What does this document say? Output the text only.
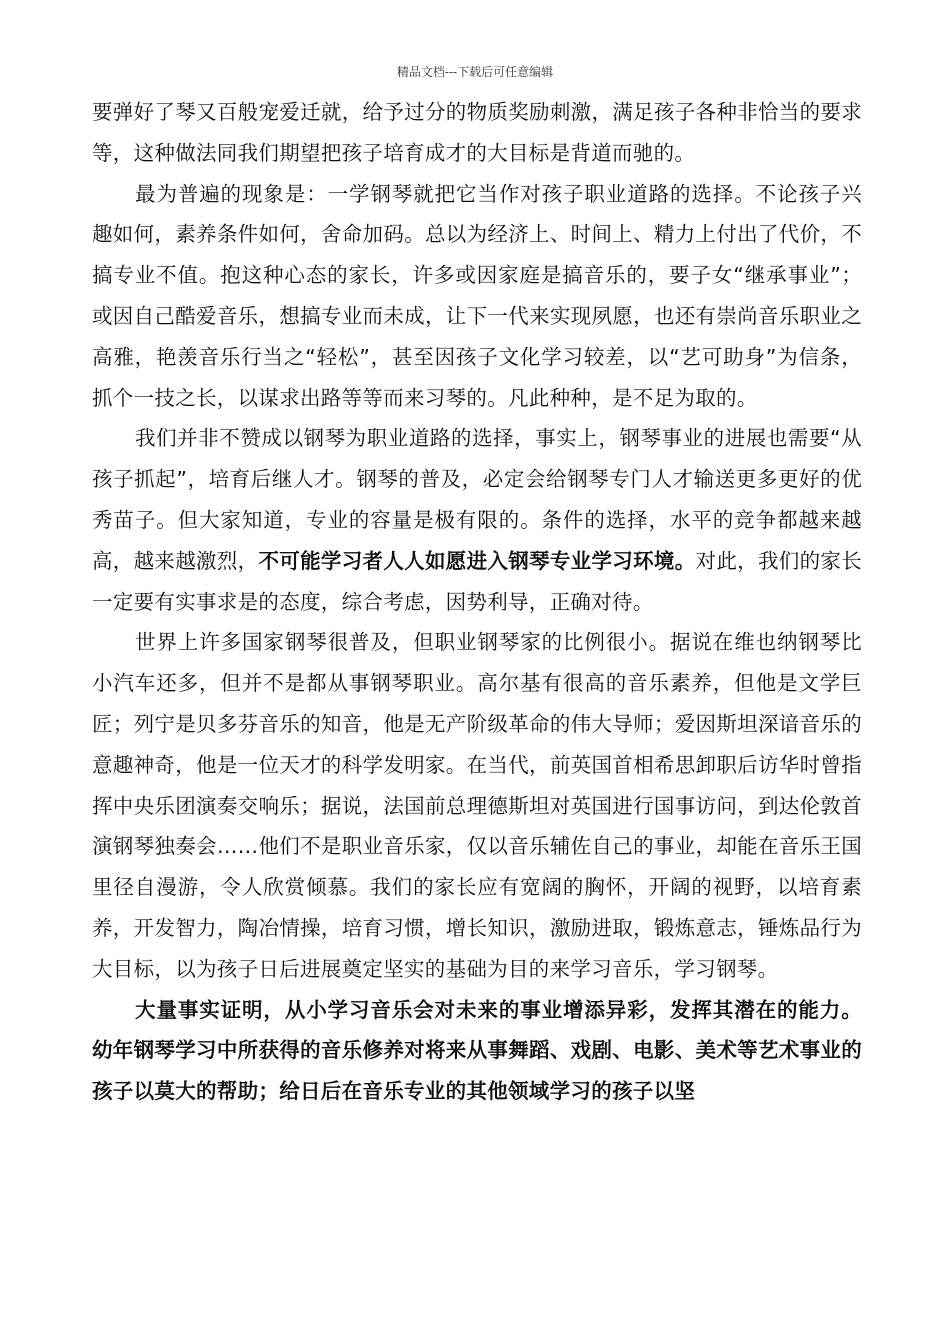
精品文档---下载后可任意编辑

要弹好了琴又百般宠爱迁就，给予过分的物质奖励刺激，满足孩子各种非恰当的要求等，这种做法同我们期望把孩子培育成才的大目标是背道而驰的。

最为普遍的现象是：一学钢琴就把它当作对孩子职业道路的选择。不论孩子兴趣如何，素养条件如何，舍命加码。总以为经济上、时间上、精力上付出了代价，不搞专业不值。抱这种心态的家长，许多或因家庭是搞音乐的，要子女“继承事业”；或因自己酷爱音乐，想搞专业而未成，让下一代来实现夙愿，也还有崇尚音乐职业之高雅，艳羡音乐行当之“轻松”，甚至因孩子文化学习较差，以“艺可助身”为信条，抓个一技之长，以谋求出路等等而来习琴的。凡此种种，是不足为取的。

我们并非不赞成以钢琴为职业道路的选择，事实上，钢琴事业的进展也需要“从孩子抓起”，培育后继人才。钢琴的普及，必定会给钢琴专门人才输送更多更好的优秀苗子。但大家知道，专业的容量是极有限的。条件的选择，水平的竞争都越来越高，越来越激烈，不可能学习者人人如愿进入钢琴专业学习环境。对此，我们的家长一定要有实事求是的态度，综合考虑，因势利导，正确对待。

世界上许多国家钢琴很普及，但职业钢琴家的比例很小。据说在维也纳钢琴比小汽车还多，但并不是都从事钢琴职业。高尔基有很高的音乐素养，但他是文学巨匠；列宁是贝多芬音乐的知音，他是无产阶级革命的伟大导师；爱因斯坦深谙音乐的意趣神奇，他是一位天才的科学发明家。在当代，前英国首相希思卸职后访华时曾指挥中央乐团演奏交响乐；据说，法国前总理德斯坦对英国进行国事访问，到达伦敦首演钢琴独奏会……他们不是职业音乐家，仅以音乐辅佐自己的事业，却能在音乐王国里径自漫游，令人欣赏倾慕。我们的家长应有宽阔的胸怀，开阔的视野，以培育素养，开发智力，陶冶情操，培育习惯，增长知识，激励进取，锻炼意志，锤炼品行为大目标，以为孩子日后进展奠定坚实的基础为目的来学习音乐，学习钢琴。

大量事实证明，从小学习音乐会对未来的事业增添异彩，发挥其潜在的能力。幼年钢琴学习中所获得的音乐修养对将来从事舞蹈、戏剧、电影、美术等艺术事业的孩子以莫大的帮助；给日后在音乐专业的其他领域学习的孩子以坚
